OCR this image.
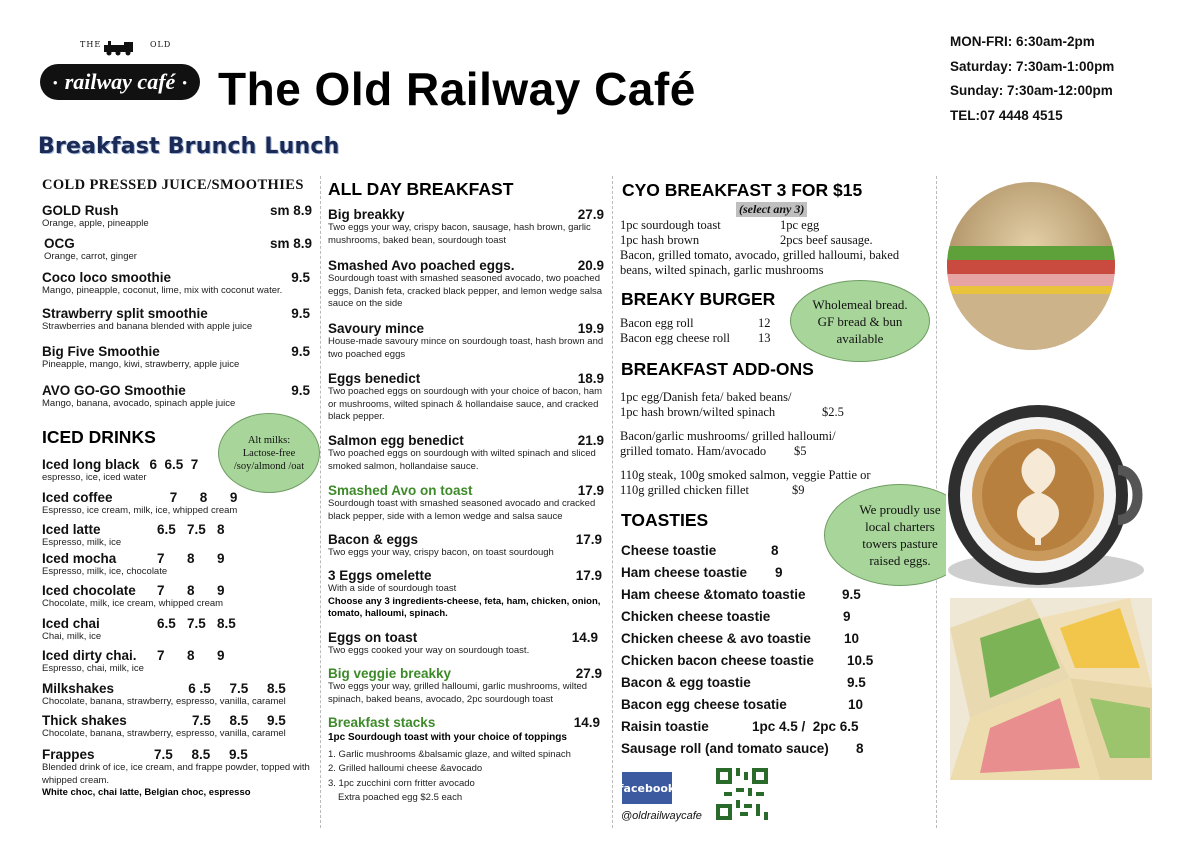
THE	OLD
● railway café ● The Old Railway Café
MON-FRI: 6:30am-2pm
Saturday: 7:30am-1:00pm
Sunday: 7:30am-12:00pm
TEL:07 4448 4515
Breakfast Brunch Lunch
COLD PRESSED JUICE/SMOOTHIES
GOLD Rush	sm 8.9
Orange, apple, pineapple
OCG	sm 8.9
Orange, carrot, ginger
Coco loco smoothie	9.5
Mango, pineapple, coconut, lime, mix with coconut water.
Strawberry split smoothie	9.5
Strawberries and banana blended with apple juice
Big Five Smoothie	9.5
Pineapple, mango, kiwi, strawberry, apple juice
AVO GO-GO Smoothie	9.5
Mango, banana, avocado, spinach apple juice
ICED DRINKS	Alt milks: Lactose-free /soy/almond /oat
Iced long black 6  6.5  7
espresso, ice, iced water
Iced coffee	7      8      9
Espresso, ice cream, milk, ice, whipped cream
Iced latte	6.5   7.5   8
Espresso, milk, ice
Iced mocha	7      8      9
Espresso, milk, ice, chocolate
Iced chocolate	7      8      9
Chocolate, milk, ice cream, whipped cream
Iced chai	6.5   7.5   8.5
Chai, milk, ice
Iced dirty chai.	7      8      9
Espresso, chai, milk, ice
Milkshakes	6 .5     7.5     8.5
Chocolate, banana, strawberry, espresso, vanilla, caramel
Thick shakes	7.5     8.5     9.5
Chocolate, banana, strawberry, espresso, vanilla, caramel
Frappes	7.5     8.5     9.5
Blended drink of ice, ice cream, and frappe powder, topped with whipped cream.
White choc, chai latte, Belgian choc, espresso
ALL DAY BREAKFAST
Big breakky	27.9
Two eggs your way, crispy bacon, sausage, hash brown, garlic mushrooms, baked bean, sourdough toast
Smashed Avo poached eggs.	20.9
Sourdough toast with smashed seasoned avocado, two poached eggs, Danish feta, cracked black pepper, and lemon wedge salsa sauce on the side
Savoury mince	19.9
House-made savoury mince on sourdough toast, hash brown and two poached eggs
Eggs benedict	18.9
Two poached eggs on sourdough with your choice of bacon, ham or mushrooms, wilted spinach & hollandaise sauce, and cracked black pepper.
Salmon egg benedict	21.9
Two poached eggs on sourdough with wilted spinach and sliced smoked salmon, hollandaise sauce.
Smashed Avo on toast	17.9
Sourdough toast with smashed seasoned avocado and cracked black pepper, side with a lemon wedge and salsa sauce
Bacon & eggs	17.9
Two eggs your way, crispy bacon, on toast sourdough
3 Eggs omelette	17.9
With a side of sourdough toast
Choose any 3 ingredients-cheese, feta, ham, chicken, onion, tomato, halloumi, spinach.
Eggs on toast	14.9
Two eggs cooked your way on sourdough toast.
Big veggie breakky	27.9
Two eggs your way, grilled halloumi, garlic mushrooms, wilted spinach, baked beans, avocado, 2pc sourdough toast
Breakfast stacks	14.9
1pc Sourdough toast with your choice of toppings
1. Garlic mushrooms &balsamic glaze, and wilted spinach
2. Grilled halloumi cheese &avocado
3. 1pc zucchini corn fritter avocado
Extra poached egg $2.5 each
CYO BREAKFAST 3 FOR $15
(select any 3)
1pc sourdough toast	1pc egg
1pc hash brown	2pcs beef sausage.
Bacon, grilled tomato, avocado, grilled halloumi, baked beans, wilted spinach, garlic mushrooms
BREAKY BURGER
Bacon egg roll	12
Bacon egg cheese roll 13
Wholemeal bread. GF bread & bun available
BREAKFAST ADD-ONS
1pc egg/Danish feta/ baked beans/
1pc hash brown/wilted spinach	$2.5
Bacon/garlic mushrooms/ grilled halloumi/
grilled tomato. Ham/avocado $5
110g steak, 100g smoked salmon, veggie Pattie or
110g grilled chicken fillet	$9
We proudly use local charters towers pasture raised eggs.
TOASTIES
Cheese toastie	8
Ham cheese toastie 9
Ham cheese &tomato toastie	9.5
Chicken cheese toastie	9
Chicken cheese & avo toastie 10
Chicken bacon cheese toastie 10.5
Bacon & egg toastie	9.5
Bacon egg cheese tosatie	10
Raisin toastie	1pc 4.5 /  2pc 6.5
Sausage roll (and tomato sauce) 8
facebook
@oldrailwaycafe
